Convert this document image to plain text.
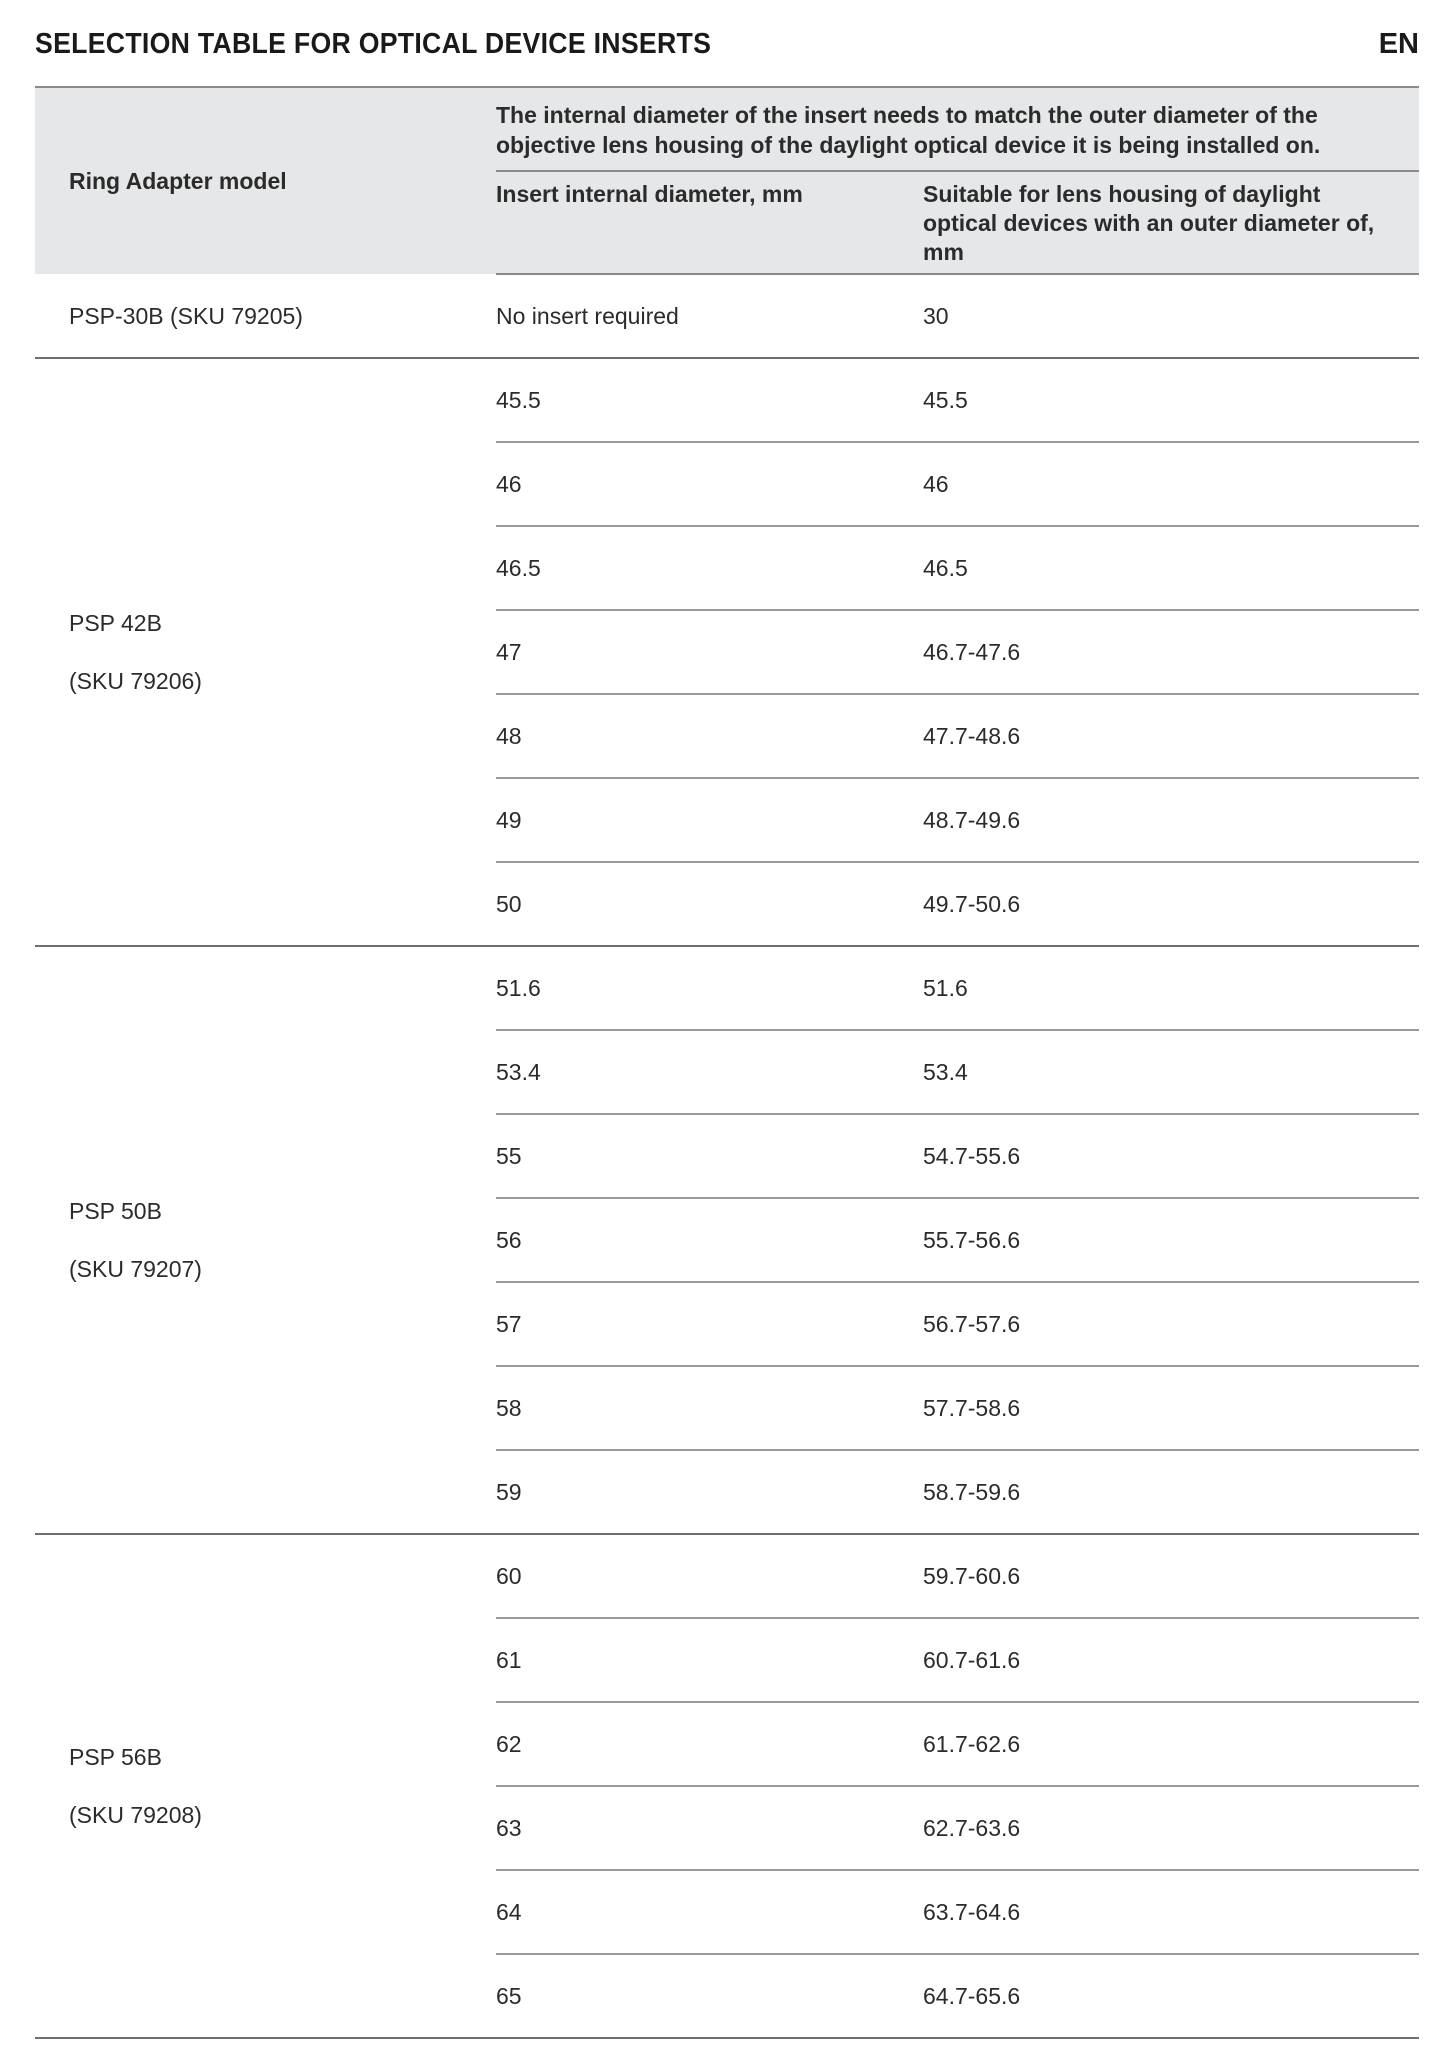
SELECTION TABLE FOR OPTICAL DEVICE INSERTS	EN
Ring Adapter model	The internal diameter of the insert needs to match the outer diameter of the objective lens housing of the daylight optical device it is being installed on.	
	Insert internal diameter, mm	Suitable for lens housing of daylight optical devices with an outer diameter of, mm

PSP-30B (SKU 79205)	No insert required	30

PSP 42B
(SKU 79206)	45.5	45.5
	46	46
	46.5	46.5
	47	46.7-47.6
	48	47.7-48.6
	49	48.7-49.6
	50	49.7-50.6

PSP 50B
(SKU 79207)	51.6	51.6
	53.4	53.4
	55	54.7-55.6
	56	55.7-56.6
	57	56.7-57.6
	58	57.7-58.6
	59	58.7-59.6

PSP 56B
(SKU 79208)	60	59.7-60.6
	61	60.7-61.6
	62	61.7-62.6
	63	62.7-63.6
	64	63.7-64.6
	65	64.7-65.6
